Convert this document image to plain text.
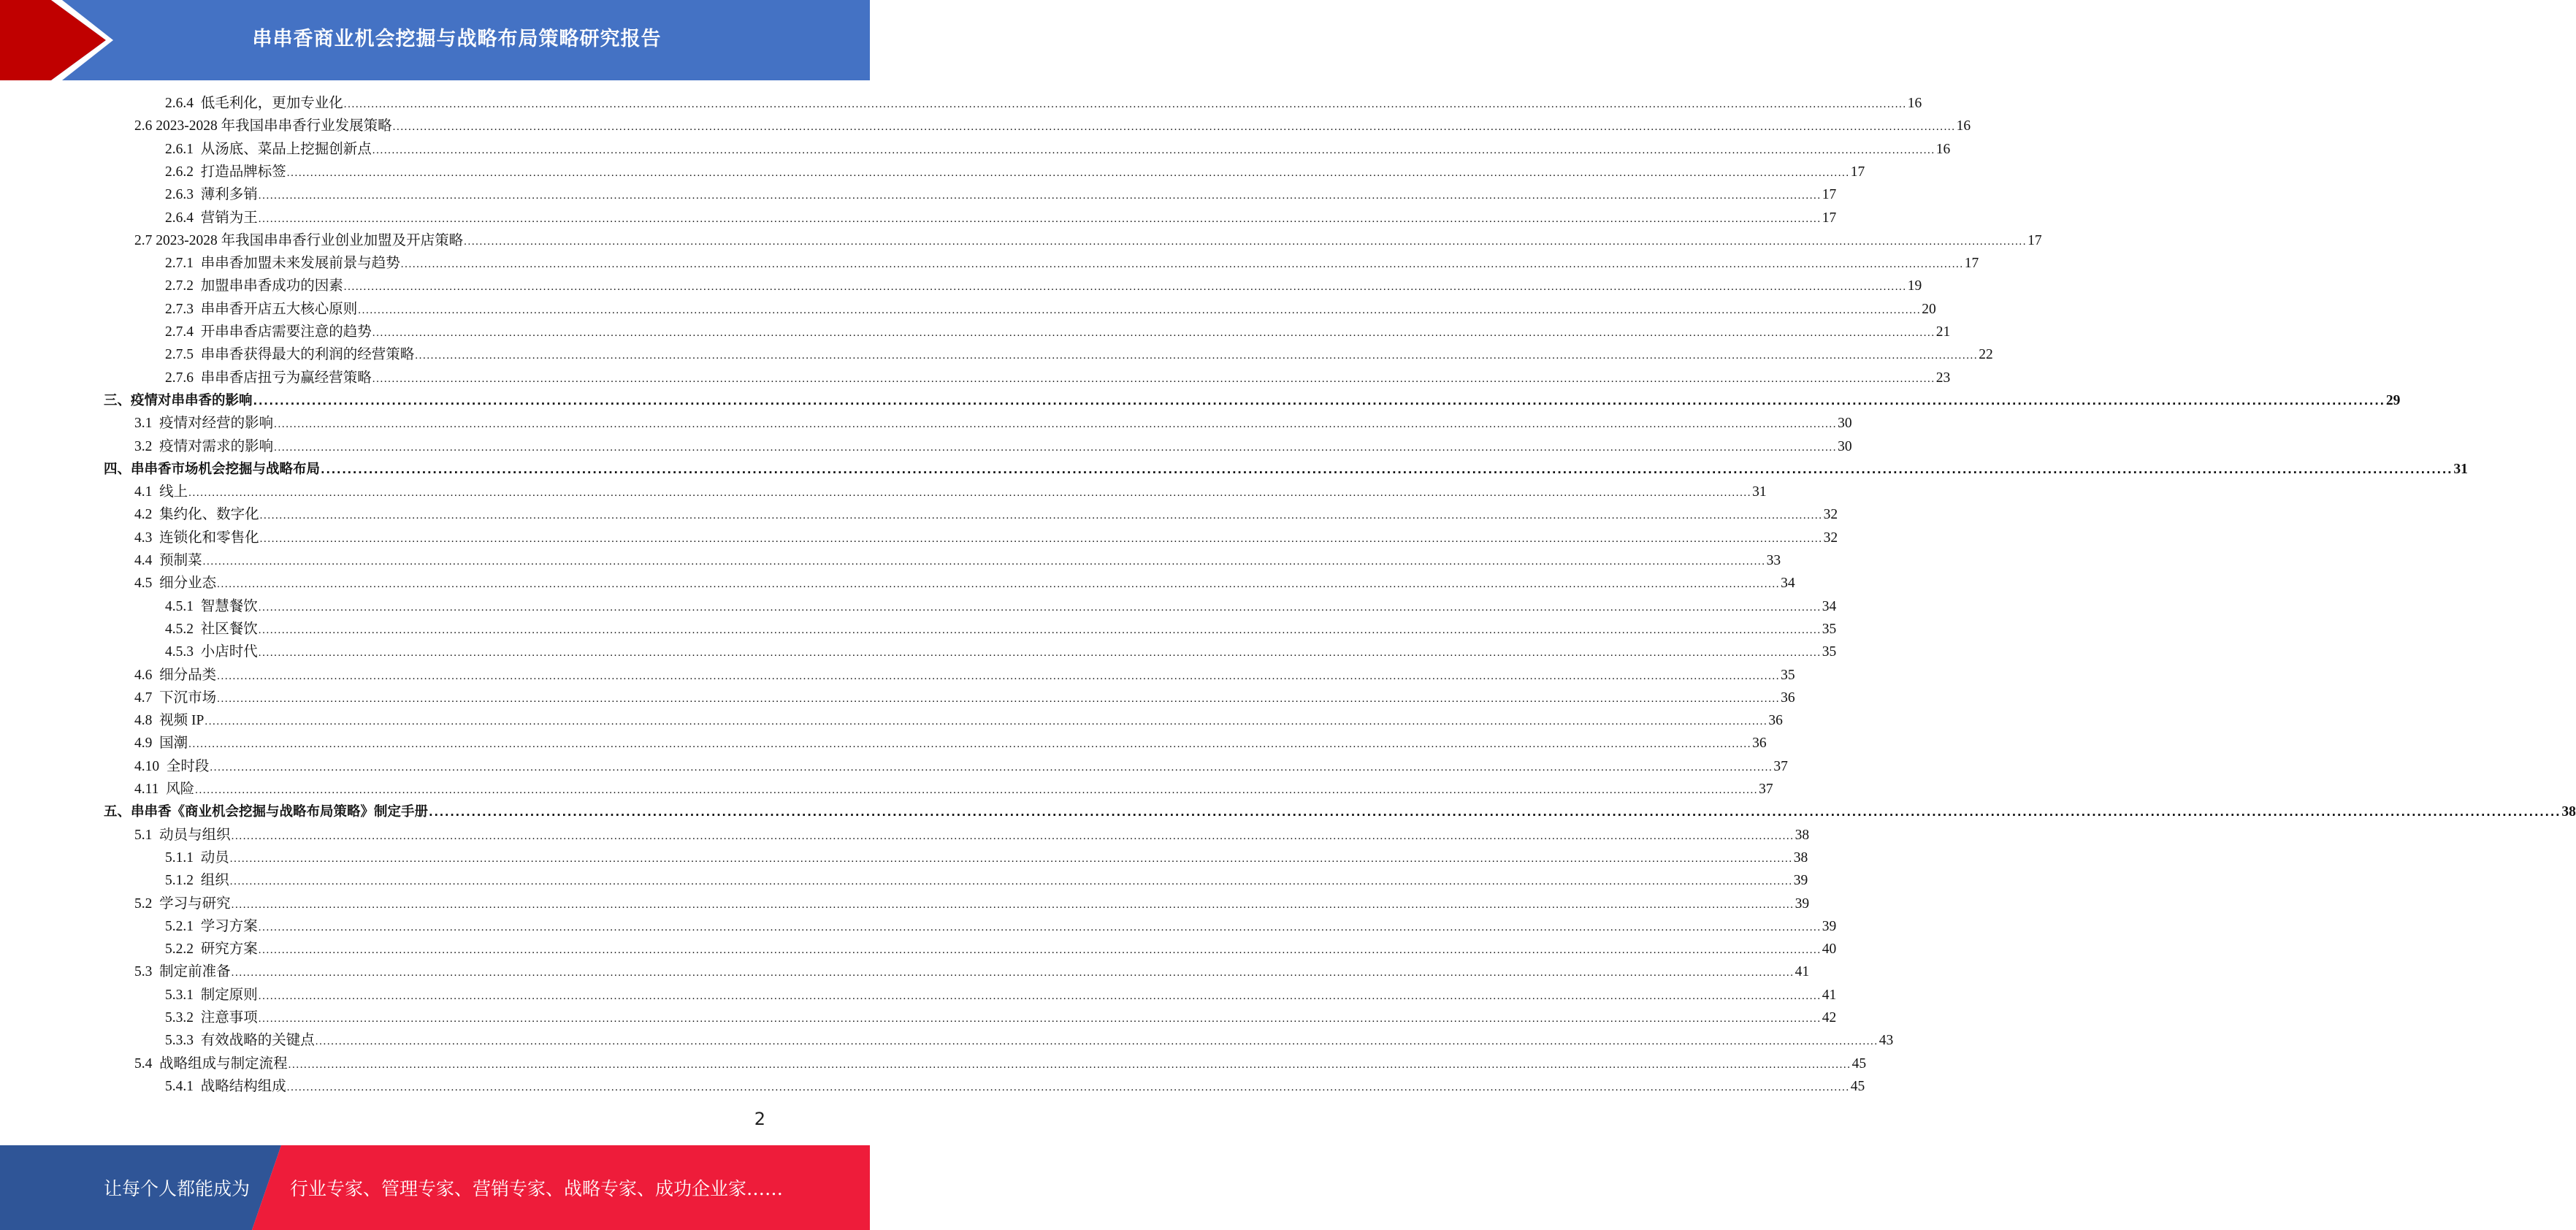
串串香商业机会挖掘与战略布局策略研究报告
2.6.4  低毛利化，更加专业化 ................................................................................................................................................................................................................................................................................................................................................................................................................ 16
2.6 2023-2028 年我国串串香行业发展策略 ................................................................................................................................................................................................................................................................................................................................................................................................................ 16
2.6.1  从汤底、菜品上挖掘创新点 ................................................................................................................................................................................................................................................................................................................................................................................................................ 16
2.6.2  打造品牌标签 ................................................................................................................................................................................................................................................................................................................................................................................................................ 17
2.6.3  薄利多销 ................................................................................................................................................................................................................................................................................................................................................................................................................ 17
2.6.4  营销为王 ................................................................................................................................................................................................................................................................................................................................................................................................................ 17
2.7 2023-2028 年我国串串香行业创业加盟及开店策略 ................................................................................................................................................................................................................................................................................................................................................................................................................ 17
2.7.1  串串香加盟未来发展前景与趋势 ................................................................................................................................................................................................................................................................................................................................................................................................................ 17
2.7.2  加盟串串香成功的因素 ................................................................................................................................................................................................................................................................................................................................................................................................................ 19
2.7.3  串串香开店五大核心原则 ................................................................................................................................................................................................................................................................................................................................................................................................................ 20
2.7.4  开串串香店需要注意的趋势 ................................................................................................................................................................................................................................................................................................................................................................................................................ 21
2.7.5  串串香获得最大的利润的经营策略 ................................................................................................................................................................................................................................................................................................................................................................................................................ 22
2.7.6  串串香店扭亏为赢经营策略 ................................................................................................................................................................................................................................................................................................................................................................................................................ 23
三、疫情对串串香的影响 ................................................................................................................................................................................................................................................................................................................................................................................................................ 29
3.1  疫情对经营的影响 ................................................................................................................................................................................................................................................................................................................................................................................................................ 30
3.2  疫情对需求的影响 ................................................................................................................................................................................................................................................................................................................................................................................................................ 30
四、串串香市场机会挖掘与战略布局 ................................................................................................................................................................................................................................................................................................................................................................................................................ 31
4.1  线上 ................................................................................................................................................................................................................................................................................................................................................................................................................ 31
4.2  集约化、数字化 ................................................................................................................................................................................................................................................................................................................................................................................................................ 32
4.3  连锁化和零售化 ................................................................................................................................................................................................................................................................................................................................................................................................................ 32
4.4  预制菜 ................................................................................................................................................................................................................................................................................................................................................................................................................ 33
4.5  细分业态 ................................................................................................................................................................................................................................................................................................................................................................................................................ 34
4.5.1  智慧餐饮 ................................................................................................................................................................................................................................................................................................................................................................................................................ 34
4.5.2  社区餐饮 ................................................................................................................................................................................................................................................................................................................................................................................................................ 35
4.5.3  小店时代 ................................................................................................................................................................................................................................................................................................................................................................................................................ 35
4.6  细分品类 ................................................................................................................................................................................................................................................................................................................................................................................................................ 35
4.7  下沉市场 ................................................................................................................................................................................................................................................................................................................................................................................................................ 36
4.8  视频 IP ................................................................................................................................................................................................................................................................................................................................................................................................................ 36
4.9  国潮 ................................................................................................................................................................................................................................................................................................................................................................................................................ 36
4.10  全时段 ................................................................................................................................................................................................................................................................................................................................................................................................................ 37
4.11  风险 ................................................................................................................................................................................................................................................................................................................................................................................................................ 37
五、串串香《商业机会挖掘与战略布局策略》制定手册 ................................................................................................................................................................................................................................................................................................................................................................................................................ 38
5.1  动员与组织 ................................................................................................................................................................................................................................................................................................................................................................................................................ 38
5.1.1  动员 ................................................................................................................................................................................................................................................................................................................................................................................................................ 38
5.1.2  组织 ................................................................................................................................................................................................................................................................................................................................................................................................................ 39
5.2  学习与研究 ................................................................................................................................................................................................................................................................................................................................................................................................................ 39
5.2.1  学习方案 ................................................................................................................................................................................................................................................................................................................................................................................................................ 39
5.2.2  研究方案 ................................................................................................................................................................................................................................................................................................................................................................................................................ 40
5.3  制定前准备 ................................................................................................................................................................................................................................................................................................................................................................................................................ 41
5.3.1  制定原则 ................................................................................................................................................................................................................................................................................................................................................................................................................ 41
5.3.2  注意事项 ................................................................................................................................................................................................................................................................................................................................................................................................................ 42
5.3.3  有效战略的关键点 ................................................................................................................................................................................................................................................................................................................................................................................................................ 43
5.4  战略组成与制定流程 ................................................................................................................................................................................................................................................................................................................................................................................................................ 45
5.4.1  战略结构组成 ................................................................................................................................................................................................................................................................................................................................................................................................................ 45
2
让每个人都能成为 行业专家、管理专家、营销专家、战略专家、成功企业家……
